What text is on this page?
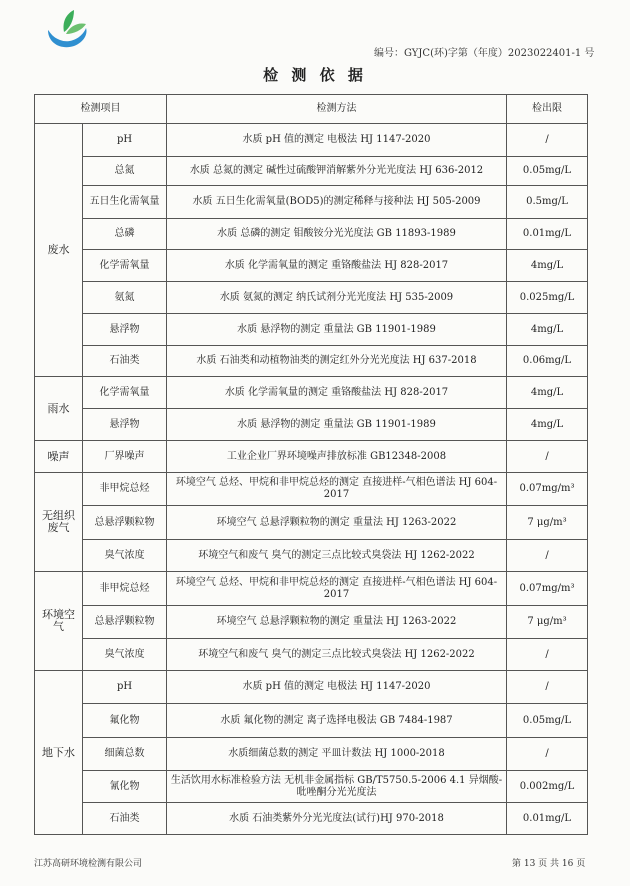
编号：GYJC(环)字第（年度）2023022401-1 号
检 测 依 据
检测项目		检测方法	检出限
废水	pH	水质 pH 值的测定 电极法 HJ 1147-2020	/
	总氮	水质 总氮的测定 碱性过硫酸钾消解紫外分光光度法 HJ 636-2012	0.05mg/L
	五日生化需氧量	水质 五日生化需氧量(BOD5)的测定稀释与接种法 HJ 505-2009	0.5mg/L
	总磷	水质 总磷的测定 钼酸铵分光光度法 GB 11893-1989	0.01mg/L
	化学需氧量	水质 化学需氧量的测定 重铬酸盐法 HJ 828-2017	4mg/L
	氨氮	水质 氨氮的测定 纳氏试剂分光光度法 HJ 535-2009	0.025mg/L
	悬浮物	水质 悬浮物的测定 重量法 GB 11901-1989	4mg/L
	石油类	水质 石油类和动植物油类的测定红外分光光度法 HJ 637-2018	0.06mg/L
雨水	化学需氧量	水质 化学需氧量的测定 重铬酸盐法 HJ 828-2017	4mg/L
	悬浮物	水质 悬浮物的测定 重量法 GB 11901-1989	4mg/L
噪声	厂界噪声	工业企业厂界环境噪声排放标准 GB12348-2008	/
无组织废气	非甲烷总烃	环境空气 总烃、甲烷和非甲烷总烃的测定 直接进样-气相色谱法 HJ 604-2017	0.07mg/m³
	总悬浮颗粒物	环境空气 总悬浮颗粒物的测定 重量法 HJ 1263-2022	7 μg/m³
	臭气浓度	环境空气和废气 臭气的测定三点比较式臭袋法 HJ 1262-2022	/
环境空气	非甲烷总烃	环境空气 总烃、甲烷和非甲烷总烃的测定 直接进样-气相色谱法 HJ 604-2017	0.07mg/m³
	总悬浮颗粒物	环境空气 总悬浮颗粒物的测定 重量法 HJ 1263-2022	7 μg/m³
	臭气浓度	环境空气和废气 臭气的测定三点比较式臭袋法 HJ 1262-2022	/
地下水	pH	水质 pH 值的测定 电极法 HJ 1147-2020	/
	氟化物	水质 氟化物的测定 离子选择电极法 GB 7484-1987	0.05mg/L
	细菌总数	水质细菌总数的测定 平皿计数法 HJ 1000-2018	/
	氰化物	生活饮用水标准检验方法 无机非金属指标 GB/T5750.5-2006 4.1 异烟酸-吡唑酮分光光度法	0.002mg/L
	石油类	水质 石油类紫外分光光度法(试行)HJ 970-2018	0.01mg/L
江苏高研环境检测有限公司	第 13 页 共 16 页
